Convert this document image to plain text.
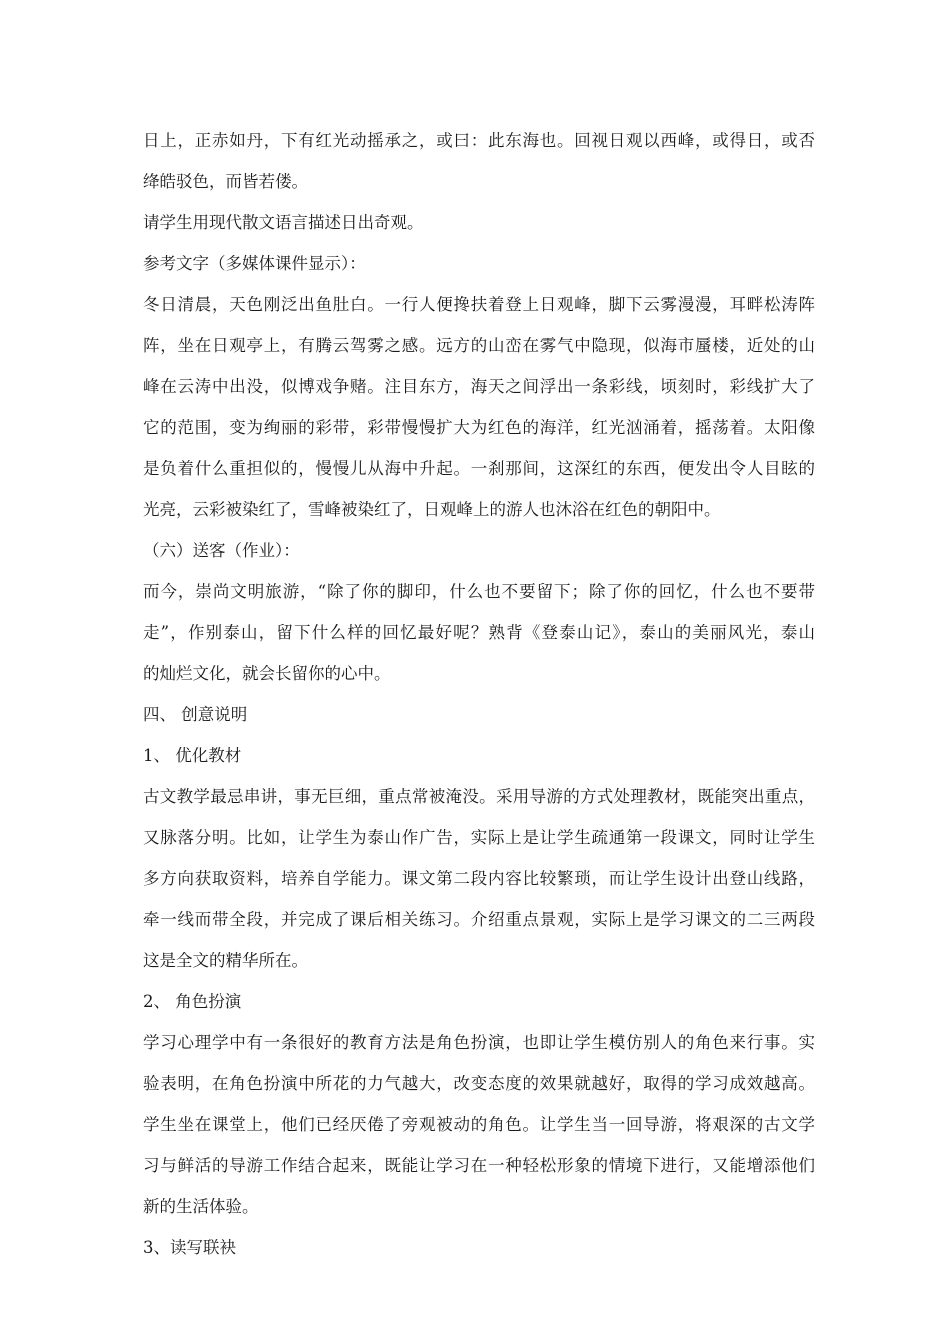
日上，正赤如丹，下有红光动摇承之，或曰：此东海也。回视日观以西峰，或得日，或否
绛皓驳色，而皆若偻。
请学生用现代散文语言描述日出奇观。
参考文字（多媒体课件显示）：
冬日清晨，天色刚泛出鱼肚白。一行人便搀扶着登上日观峰，脚下云雾漫漫，耳畔松涛阵
阵，坐在日观亭上，有腾云驾雾之感。远方的山峦在雾气中隐现，似海市蜃楼，近处的山
峰在云涛中出没，似博戏争赌。注目东方，海天之间浮出一条彩线，顷刻时，彩线扩大了
它的范围，变为绚丽的彩带，彩带慢慢扩大为红色的海洋，红光汹涌着，摇荡着。太阳像
是负着什么重担似的，慢慢儿从海中升起。一刹那间，这深红的东西，便发出令人目眩的
光亮，云彩被染红了，雪峰被染红了，日观峰上的游人也沐浴在红色的朝阳中。
（六）送客（作业）：
而今，崇尚文明旅游，“除了你的脚印，什么也不要留下；除了你的回忆，什么也不要带
走”，作别泰山，留下什么样的回忆最好呢？熟背《登泰山记》，泰山的美丽风光，泰山
的灿烂文化，就会长留你的心中。
四、 创意说明
1、 优化教材
古文教学最忌串讲，事无巨细，重点常被淹没。采用导游的方式处理教材，既能突出重点，
又脉落分明。比如，让学生为泰山作广告，实际上是让学生疏通第一段课文，同时让学生
多方向获取资料，培养自学能力。课文第二段内容比较繁琐，而让学生设计出登山线路，
牵一线而带全段，并完成了课后相关练习。介绍重点景观，实际上是学习课文的二三两段
这是全文的精华所在。
2、 角色扮演
学习心理学中有一条很好的教育方法是角色扮演，也即让学生模仿别人的角色来行事。实
验表明，在角色扮演中所花的力气越大，改变态度的效果就越好，取得的学习成效越高。
学生坐在课堂上，他们已经厌倦了旁观被动的角色。让学生当一回导游，将艰深的古文学
习与鲜活的导游工作结合起来，既能让学习在一种轻松形象的情境下进行，又能增添他们
新的生活体验。
3、读写联袂
